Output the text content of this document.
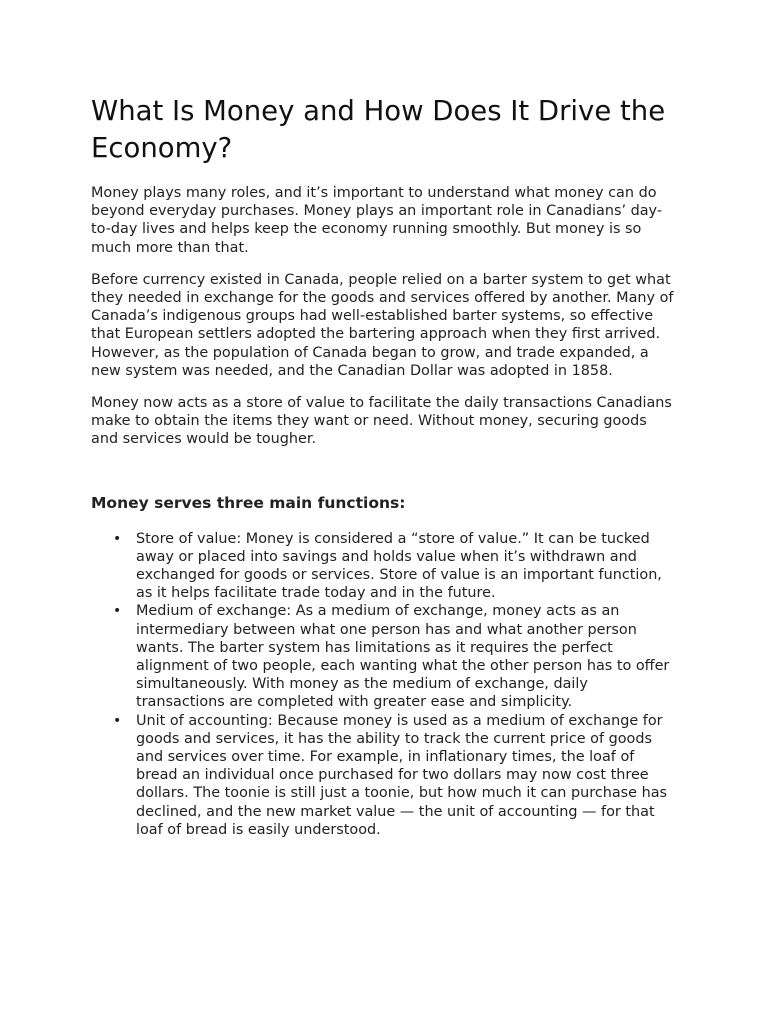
What Is Money and How Does It Drive the Economy?

Money plays many roles, and it’s important to understand what money can do beyond everyday purchases. Money plays an important role in Canadians’ day-to-day lives and helps keep the economy running smoothly. But money is so much more than that.

Before currency existed in Canada, people relied on a barter system to get what they needed in exchange for the goods and services offered by another. Many of Canada’s indigenous groups had well-established barter systems, so effective that European settlers adopted the bartering approach when they first arrived. However, as the population of Canada began to grow, and trade expanded, a new system was needed, and the Canadian Dollar was adopted in 1858.

Money now acts as a store of value to facilitate the daily transactions Canadians make to obtain the items they want or need. Without money, securing goods and services would be tougher.

Money serves three main functions:
• Store of value: Money is considered a “store of value.” It can be tucked away or placed into savings and holds value when it’s withdrawn and exchanged for goods or services. Store of value is an important function, as it helps facilitate trade today and in the future.
• Medium of exchange: As a medium of exchange, money acts as an intermediary between what one person has and what another person wants. The barter system has limitations as it requires the perfect alignment of two people, each wanting what the other person has to offer simultaneously. With money as the medium of exchange, daily transactions are completed with greater ease and simplicity.
• Unit of accounting: Because money is used as a medium of exchange for goods and services, it has the ability to track the current price of goods and services over time. For example, in inflationary times, the loaf of bread an individual once purchased for two dollars may now cost three dollars. The toonie is still just a toonie, but how much it can purchase has declined, and the new market value — the unit of accounting — for that loaf of bread is easily understood.
